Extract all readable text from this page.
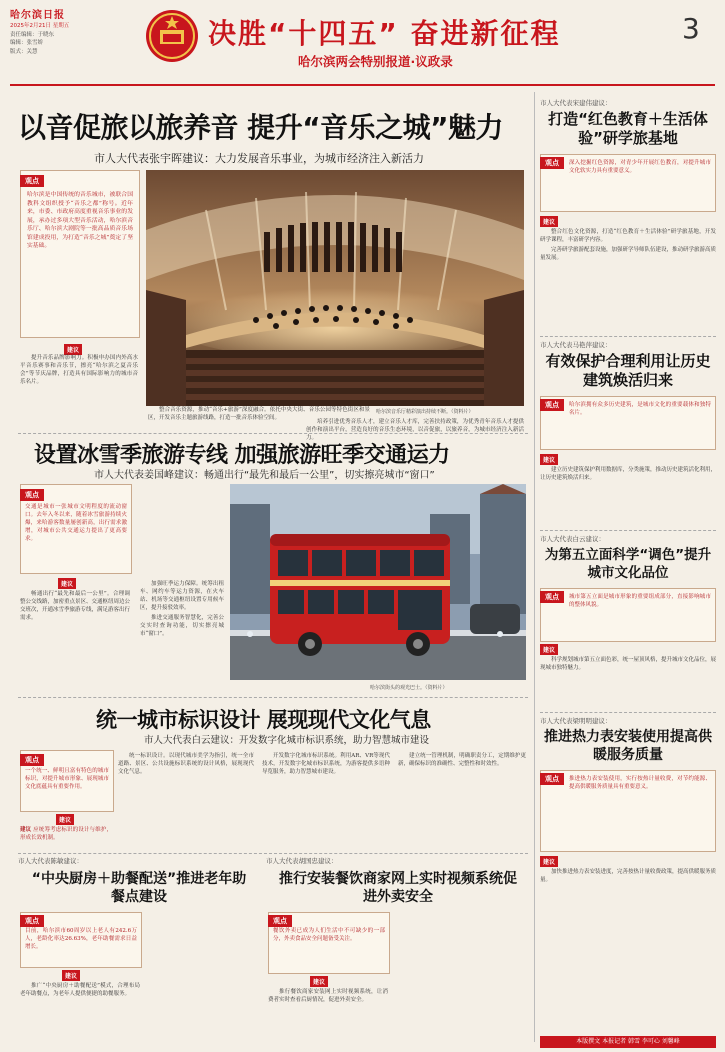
哈尔滨日报
2025年2月21日 星期五
责任编辑：于晓东
编辑：张雪娇
版式：关慧
决胜“十四五” 奋进新征程
哈尔滨两会特别报道·议政录
3
以音促旅以旅养音 提升“音乐之城”魅力
市人大代表张宇晖建议：大力发展音乐事业，为城市经济注入新活力
观点
哈尔滨是中国传统的音乐城市，被联合国教科文组织授予“音乐之都”称号。近年来，市委、市政府高度重视音乐事业的发展，承办过多项大型音乐活动，哈尔滨音乐厅、哈尔滨大剧院等一批高品质音乐场馆建成投用，为打造“音乐之城”奠定了坚实基础。
哈尔滨音乐厅精彩演出持续不断。（资料片）
建议

提升音乐品牌影响力。积极申办国内外高水平音乐赛事和音乐节，擦亮“哈尔滨之夏音乐会”等节庆品牌，打造具有国际影响力的城市音乐名片。

整合音乐资源，推动“音乐+旅游”深度融合。依托中央大街、音乐公园等特色街区和景区，开发音乐主题旅游线路，打造一批音乐体验空间。

培养引进优秀音乐人才，建立音乐人才库，完善扶持政策，为优秀青年音乐人才提供创作和演出平台，营造良好的音乐生态环境，以音促旅，以旅养音，为城市经济注入新活力。

设置冰雪季旅游专线 加强旅游旺季交通运力
市人大代表姜国峰建议：畅通出行“最先和最后一公里”，切实擦亮城市“窗口”
观点
交通是城市一张城市文明程度的流动窗口。去年入冬以来，随着冰雪旅游持续火爆，来哈游客数量屡创新高，出行需求激增，对城市公共交通运力提出了更高要求。
哈尔滨街头的观光巴士。（资料片）
建议

畅通出行“最先和最后一公里”。合理调整公交线路，加密重点景区、交通枢纽周边公交班次，开通冰雪季旅游专线，满足游客出行需求。

加强旺季运力保障。统筹出租车、网约车等运力资源，在火车站、机场等交通枢纽设置专用候车区，提升接驳效率。

推进交通服务智慧化，完善公交实时查询功能，切实擦亮城市“窗口”。

统一城市标识设计 展现现代文化气息
市人大代表白云建议：开发数字化城市标识系统，助力智慧城市建设
观点
一个统一、鲜明且富有特色的城市标识，对提升城市形象、展现城市文化底蕴具有重要作用。
建议
建议 应统筹考虑标识的设计与维护，形成长效机制。

统一标识设计。以现代城市美学为指引，统一全市道路、景区、公共设施标识系统的设计风格，展现现代文化气息。

开发数字化城市标识系统。利用AR、VR等现代技术，开发数字化城市标识系统，为游客提供多语种导览服务，助力智慧城市建设。

建立统一管理机制，明确职责分工，定期维护更新，确保标识的准确性、完整性和时效性。

市人大代表陈敏建议：
“中央厨房＋助餐配送”推进老年助餐点建设
观点
目前，哈尔滨市60周岁以上老人有242.6万人，老龄化率达26.63%，老年助餐需求日益增长。
建议

推广“中央厨房＋助餐配送”模式，合理布局老年助餐点，为老年人提供便捷的助餐服务。

市人大代表胡国忠建议：
推行安装餐饮商家网上实时视频系统促进外卖安全
观点
餐饮外卖已成为人们生活中不可缺少的一部分，外卖食品安全问题备受关注。
建议

推行餐饮商家安装网上实时视频系统，让消费者实时查看后厨情况，促进外卖安全。

市人大代表宋建伟建议：
打造“红色教育＋生活体验”研学旅基地
观点	深入挖掘红色资源，对青少年开展红色教育，对提升城市文化软实力具有重要意义。
建议

整合红色文化资源，打造“红色教育＋生活体验”研学旅基地，开发研学课程，丰富研学内容。

完善研学旅游配套设施，加强研学导师队伍建设，推动研学旅游高质量发展。

市人大代表马艳萍建议：
有效保护合理利用让历史建筑焕活归来
观点	哈尔滨拥有众多历史建筑，是城市文化的重要载体和独特名片。
建议

建立历史建筑保护利用数据库，分类施策，推动历史建筑活化利用，让历史建筑焕活归来。

市人大代表白云建议：
为第五立面科学“调色”提升城市文化品位
观点	城市第五立面是城市形象的重要组成部分，直接影响城市的整体风貌。
建议

科学规划城市第五立面色彩，统一屋顶风格，提升城市文化品位，展现城市独特魅力。

市人大代表梁明明建议：
推进热力表安装使用提高供暖服务质量
观点	推进热力表安装使用，实行按热计量收费，对节约能源、提高供暖服务质量具有重要意义。
建议

加快推进热力表安装进度，完善按热计量收费政策，提高供暖服务质量。

本版撰文 本报记者 韩雪 李可心 刘馨峰
